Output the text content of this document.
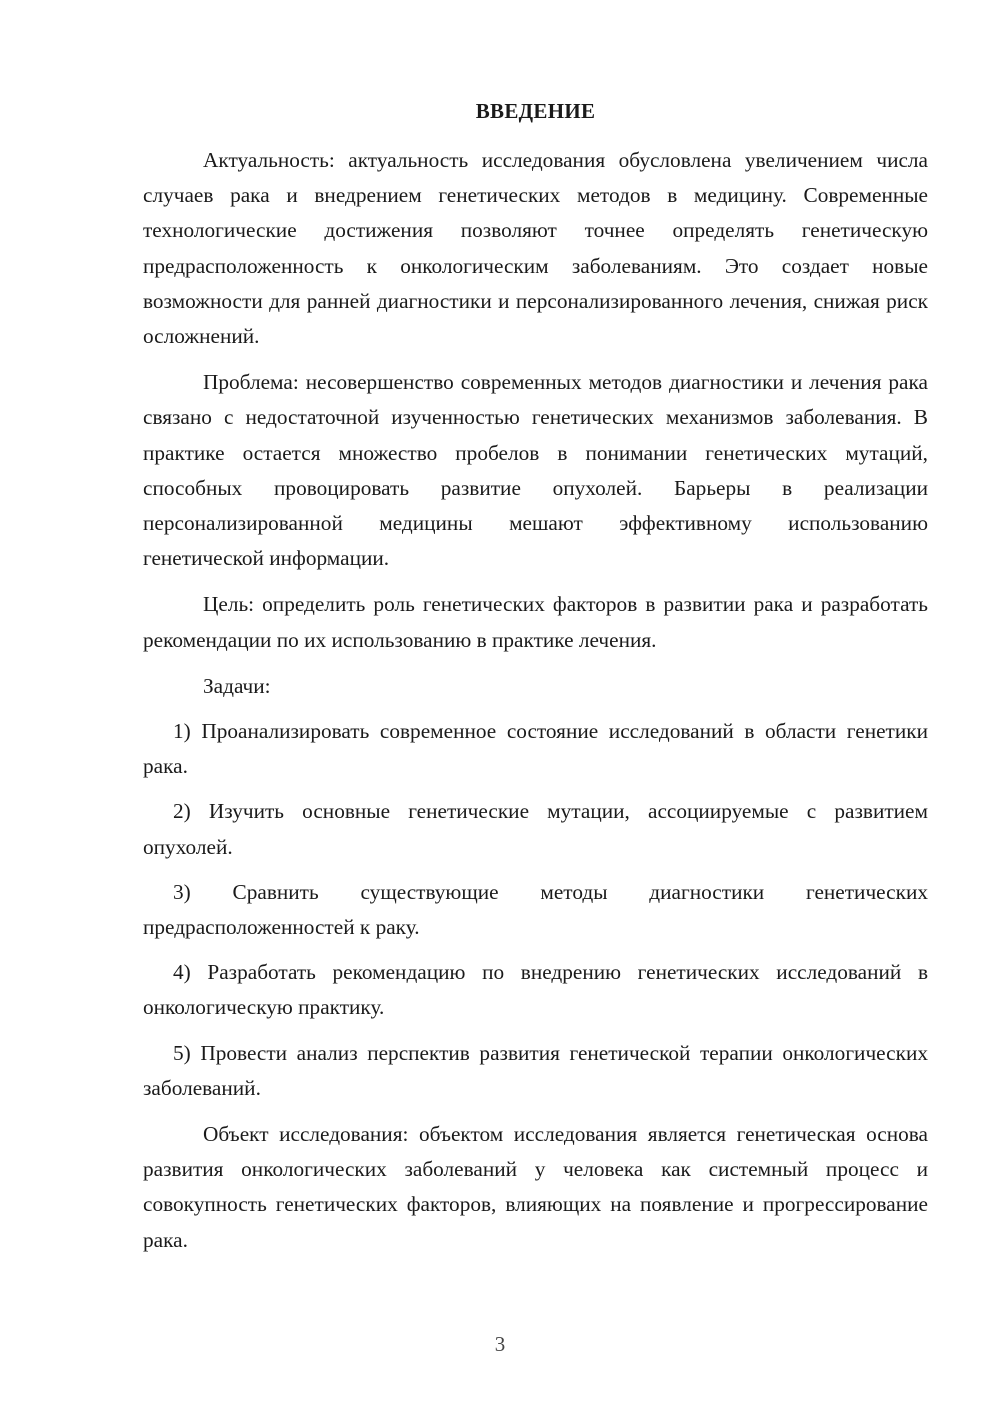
ВВЕДЕНИЕ

Актуальность: актуальность исследования обусловлена увеличением числа случаев рака и внедрением генетических методов в медицину. Современные технологические достижения позволяют точнее определять генетическую предрасположенность к онкологическим заболеваниям. Это создает новые возможности для ранней диагностики и персонализированного лечения, снижая риск осложнений.

Проблема: несовершенство современных методов диагностики и лечения рака связано с недостаточной изученностью генетических механизмов заболевания. В практике остается множество пробелов в понимании генетических мутаций, способных провоцировать развитие опухолей. Барьеры в реализации персонализированной медицины мешают эффективному использованию генетической информации.

Цель: определить роль генетических факторов в развитии рака и разработать рекомендации по их использованию в практике лечения.

Задачи:

1) Проанализировать современное состояние исследований в области генетики рака.

2) Изучить основные генетические мутации, ассоциируемые с развитием опухолей.

3) Сравнить существующие методы диагностики генетических предрасположенностей к раку.

4) Разработать рекомендацию по внедрению генетических исследований в онкологическую практику.

5) Провести анализ перспектив развития генетической терапии онкологических заболеваний.

Объект исследования: объектом исследования является генетическая основа развития онкологических заболеваний у человека как системный процесс и совокупность генетических факторов, влияющих на появление и прогрессирование рака.

3
